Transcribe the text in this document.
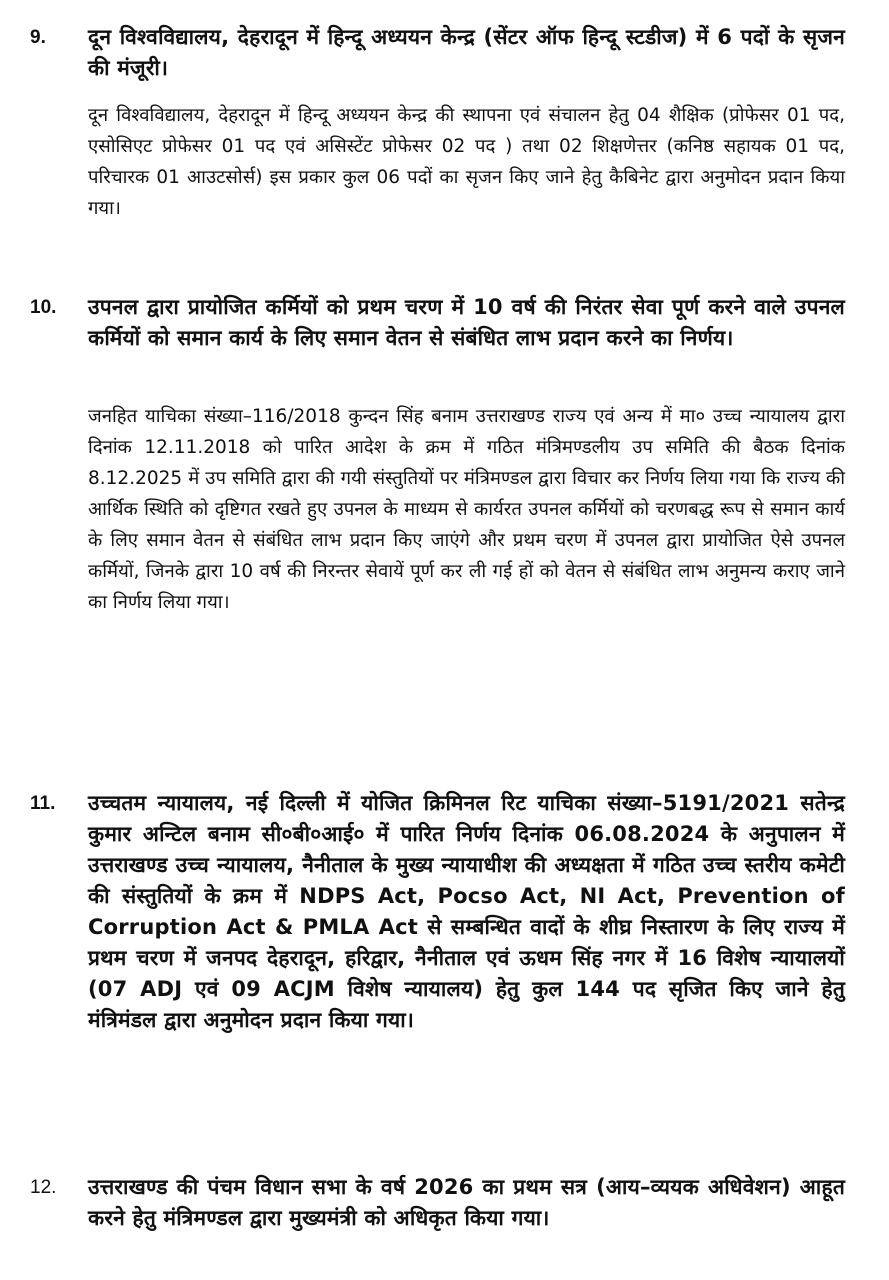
9.	दून विश्वविद्यालय, देहरादून में हिन्दू अध्ययन केन्द्र (सेंटर ऑफ हिन्दू स्टडीज) में 6 पदों के सृजन की मंजूरी।

दून विश्वविद्यालय, देहरादून में हिन्दू अध्ययन केन्द्र की स्थापना एवं संचालन हेतु 04 शैक्षिक (प्रोफेसर 01 पद, एसोसिएट प्रोफेसर 01 पद एवं असिस्टेंट प्रोफेसर 02 पद ) तथा 02 शिक्षणेत्तर (कनिष्ठ सहायक 01 पद, परिचारक 01 आउटसोर्स) इस प्रकार कुल 06 पदों का सृजन किए जाने हेतु कैबिनेट द्वारा अनुमोदन प्रदान किया गया।

10.	उपनल द्वारा प्रायोजित कर्मियों को प्रथम चरण में 10 वर्ष की निरंतर सेवा पूर्ण करने वाले उपनल कर्मियों को समान कार्य के लिए समान वेतन से संबंधित लाभ प्रदान करने का निर्णय।

जनहित याचिका संख्या–116/2018 कुन्दन सिंह बनाम उत्तराखण्ड राज्य एवं अन्य में मा० उच्च न्यायालय द्वारा दिनांक 12.11.2018 को पारित आदेश के क्रम में गठित मंत्रिमण्डलीय उप समिति की बैठक दिनांक 8.12.2025 में उप समिति द्वारा की गयी संस्तुतियों पर मंत्रिमण्डल द्वारा विचार कर निर्णय लिया गया कि राज्य की आर्थिक स्थिति को दृष्टिगत रखते हुए उपनल के माध्यम से कार्यरत उपनल कर्मियों को चरणबद्ध रूप से समान कार्य के लिए समान वेतन से संबंधित लाभ प्रदान किए जाएंगे और प्रथम चरण में उपनल द्वारा प्रायोजित ऐसे उपनल कर्मियों, जिनके द्वारा 10 वर्ष की निरन्तर सेवायें पूर्ण कर ली गई हों को वेतन से संबंधित लाभ अनुमन्य कराए जाने का निर्णय लिया गया।

11.	उच्चतम न्यायालय, नई दिल्ली में योजित क्रिमिनल रिट याचिका संख्या–5191/2021 सतेन्द्र कुमार अन्टिल बनाम सी०बी०आई० में पारित निर्णय दिनांक 06.08.2024 के अनुपालन में उत्तराखण्ड उच्च न्यायालय, नैनीताल के मुख्य न्यायाधीश की अध्यक्षता में गठित उच्च स्तरीय कमेटी की संस्तुतियों के क्रम में NDPS Act, Pocso Act, NI Act, Prevention of Corruption Act & PMLA Act से सम्बन्धित वादों के शीघ्र निस्तारण के लिए राज्य में प्रथम चरण में जनपद देहरादून, हरिद्वार, नैनीताल एवं ऊधम सिंह नगर में 16 विशेष न्यायालयों (07 ADJ एवं 09 ACJM विशेष न्यायालय) हेतु कुल 144 पद सृजित किए जाने हेतु मंत्रिमंडल द्वारा अनुमोदन प्रदान किया गया।

12.	उत्तराखण्ड की पंचम विधान सभा के वर्ष 2026 का प्रथम सत्र (आय–व्ययक अधिवेशन) आहूत करने हेतु मंत्रिमण्डल द्वारा मुख्यमंत्री को अधिकृत किया गया।
